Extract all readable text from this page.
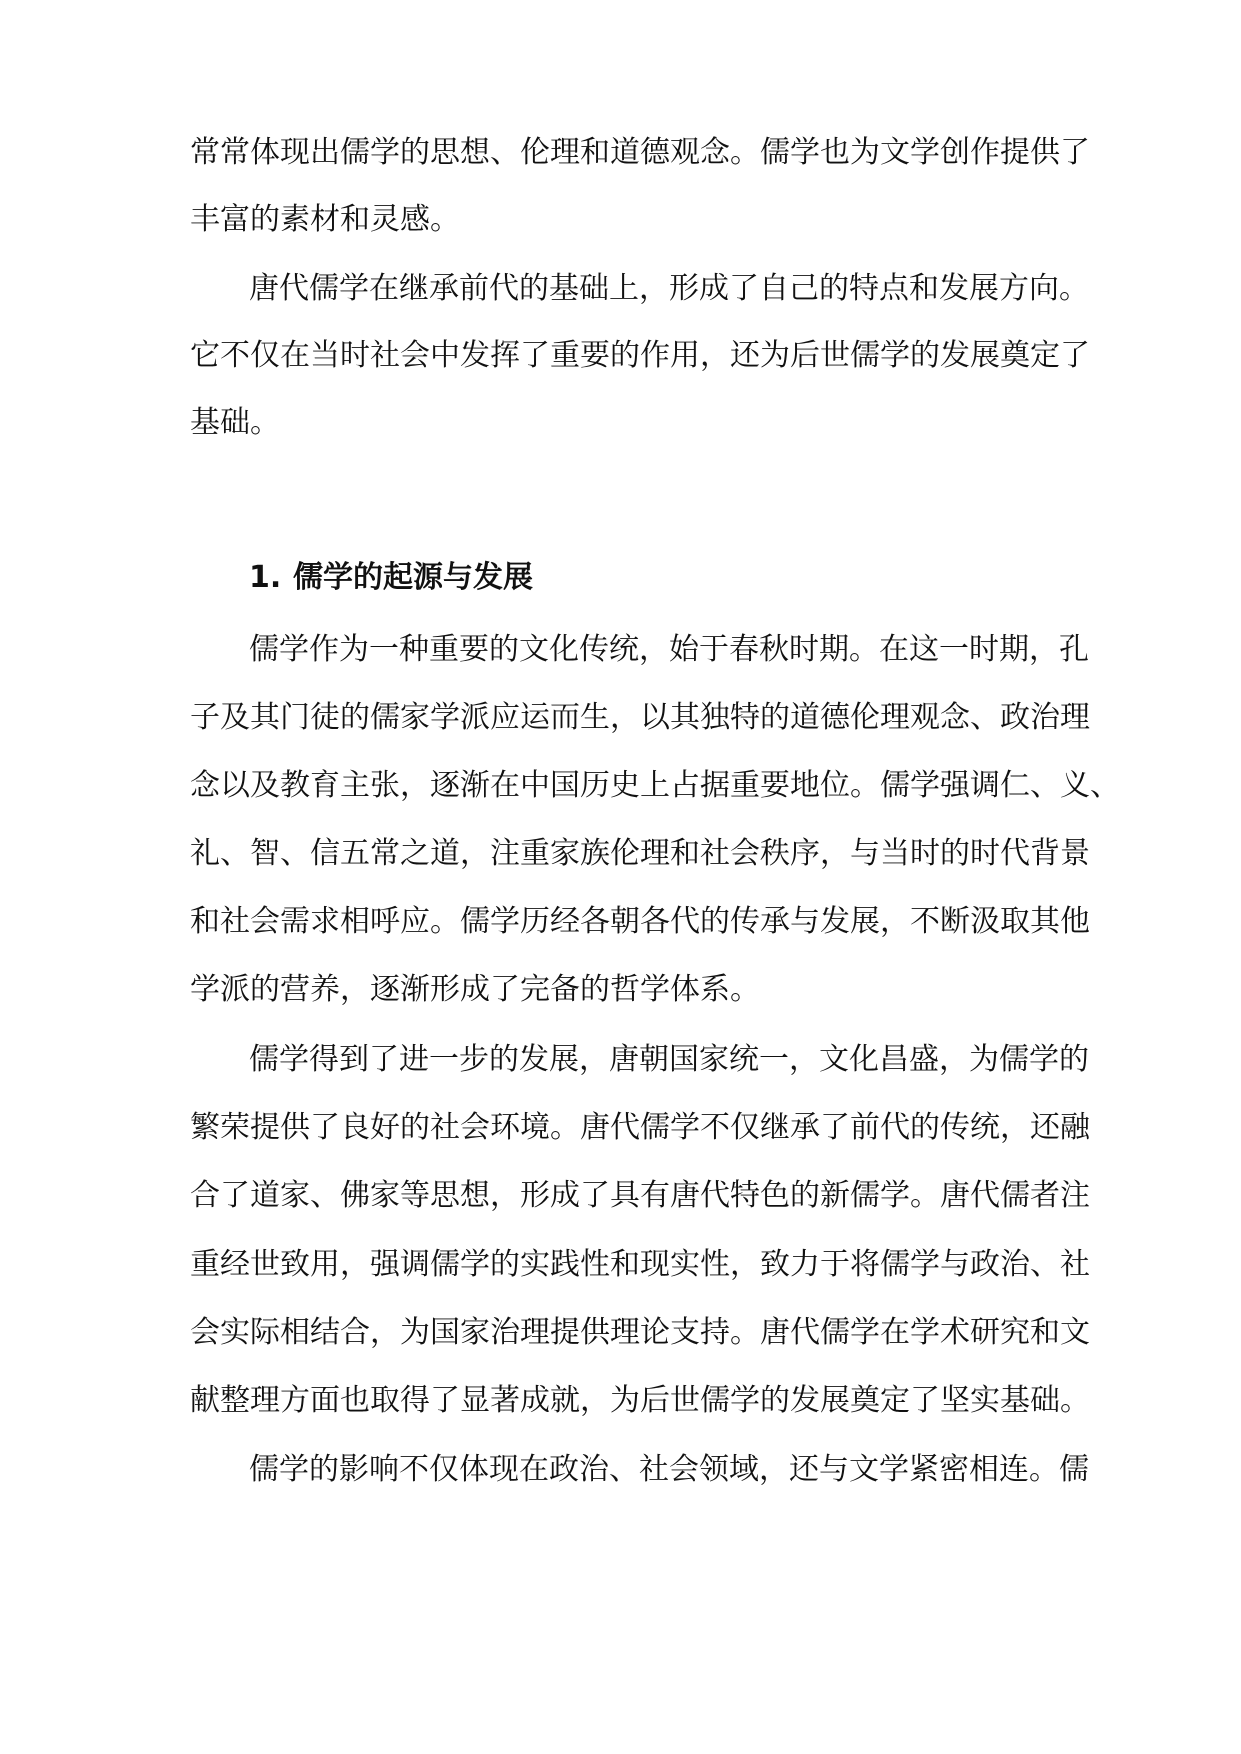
常常体现出儒学的思想、伦理和道德观念。儒学也为文学创作提供了
丰富的素材和灵感。
唐代儒学在继承前代的基础上，形成了自己的特点和发展方向。
它不仅在当时社会中发挥了重要的作用，还为后世儒学的发展奠定了
基础。
1. 儒学的起源与发展
儒学作为一种重要的文化传统，始于春秋时期。在这一时期，孔
子及其门徒的儒家学派应运而生，以其独特的道德伦理观念、政治理
念以及教育主张，逐渐在中国历史上占据重要地位。儒学强调仁、义、
礼、智、信五常之道，注重家族伦理和社会秩序，与当时的时代背景
和社会需求相呼应。儒学历经各朝各代的传承与发展，不断汲取其他
学派的营养，逐渐形成了完备的哲学体系。
儒学得到了进一步的发展，唐朝国家统一，文化昌盛，为儒学的
繁荣提供了良好的社会环境。唐代儒学不仅继承了前代的传统，还融
合了道家、佛家等思想，形成了具有唐代特色的新儒学。唐代儒者注
重经世致用，强调儒学的实践性和现实性，致力于将儒学与政治、社
会实际相结合，为国家治理提供理论支持。唐代儒学在学术研究和文
献整理方面也取得了显著成就，为后世儒学的发展奠定了坚实基础。
儒学的影响不仅体现在政治、社会领域，还与文学紧密相连。儒
